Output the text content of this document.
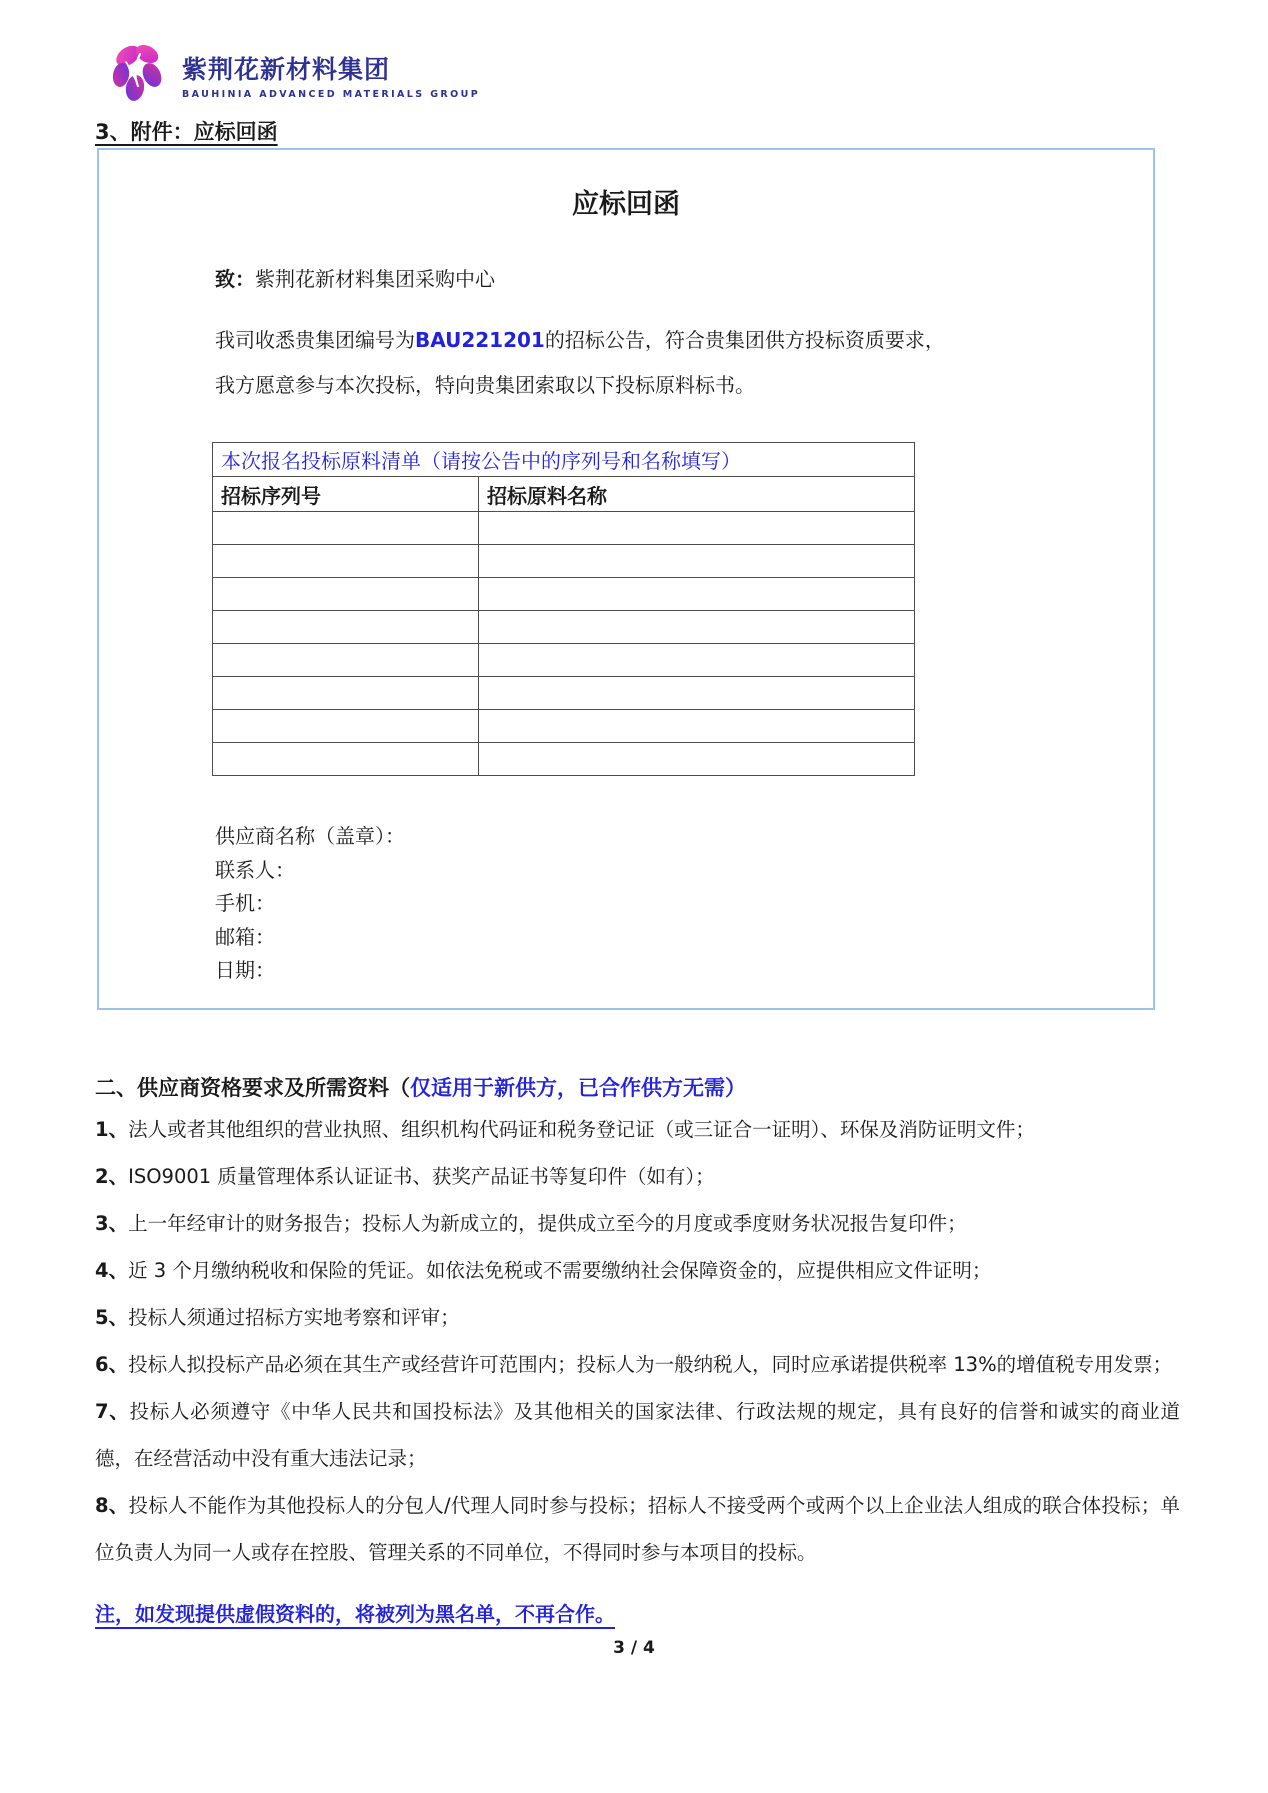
紫荆花新材料集团
BAUHINIA ADVANCED MATERIALS GROUP
3、附件：应标回函
应标回函
致：紫荆花新材料集团采购中心
我司收悉贵集团编号为BAU221201的招标公告，符合贵集团供方投标资质要求，
我方愿意参与本次投标，特向贵集团索取以下投标原料标书。
本次报名投标原料清单（请按公告中的序列号和名称填写）	
招标序列号	招标原料名称

供应商名称（盖章）：
联系人：
手机：
邮箱：
日期：
二、供应商资格要求及所需资料（仅适用于新供方，已合作供方无需）

1、法人或者其他组织的营业执照、组织机构代码证和税务登记证（或三证合一证明）、环保及消防证明文件；

2、ISO9001 质量管理体系认证证书、获奖产品证书等复印件（如有）；

3、上一年经审计的财务报告；投标人为新成立的，提供成立至今的月度或季度财务状况报告复印件；

4、近 3 个月缴纳税收和保险的凭证。如依法免税或不需要缴纳社会保障资金的，应提供相应文件证明；

5、投标人须通过招标方实地考察和评审；

6、投标人拟投标产品必须在其生产或经营许可范围内；投标人为一般纳税人，同时应承诺提供税率 13%的增值税专用发票；

7、投标人必须遵守《中华人民共和国投标法》及其他相关的国家法律、行政法规的规定，具有良好的信誉和诚实的商业道德，在经营活动中没有重大违法记录；

8、投标人不能作为其他投标人的分包人/代理人同时参与投标；招标人不接受两个或两个以上企业法人组成的联合体投标；单位负责人为同一人或存在控股、管理关系的不同单位，不得同时参与本项目的投标。

注，如发现提供虚假资料的，将被列为黑名单，不再合作。
3 / 4
